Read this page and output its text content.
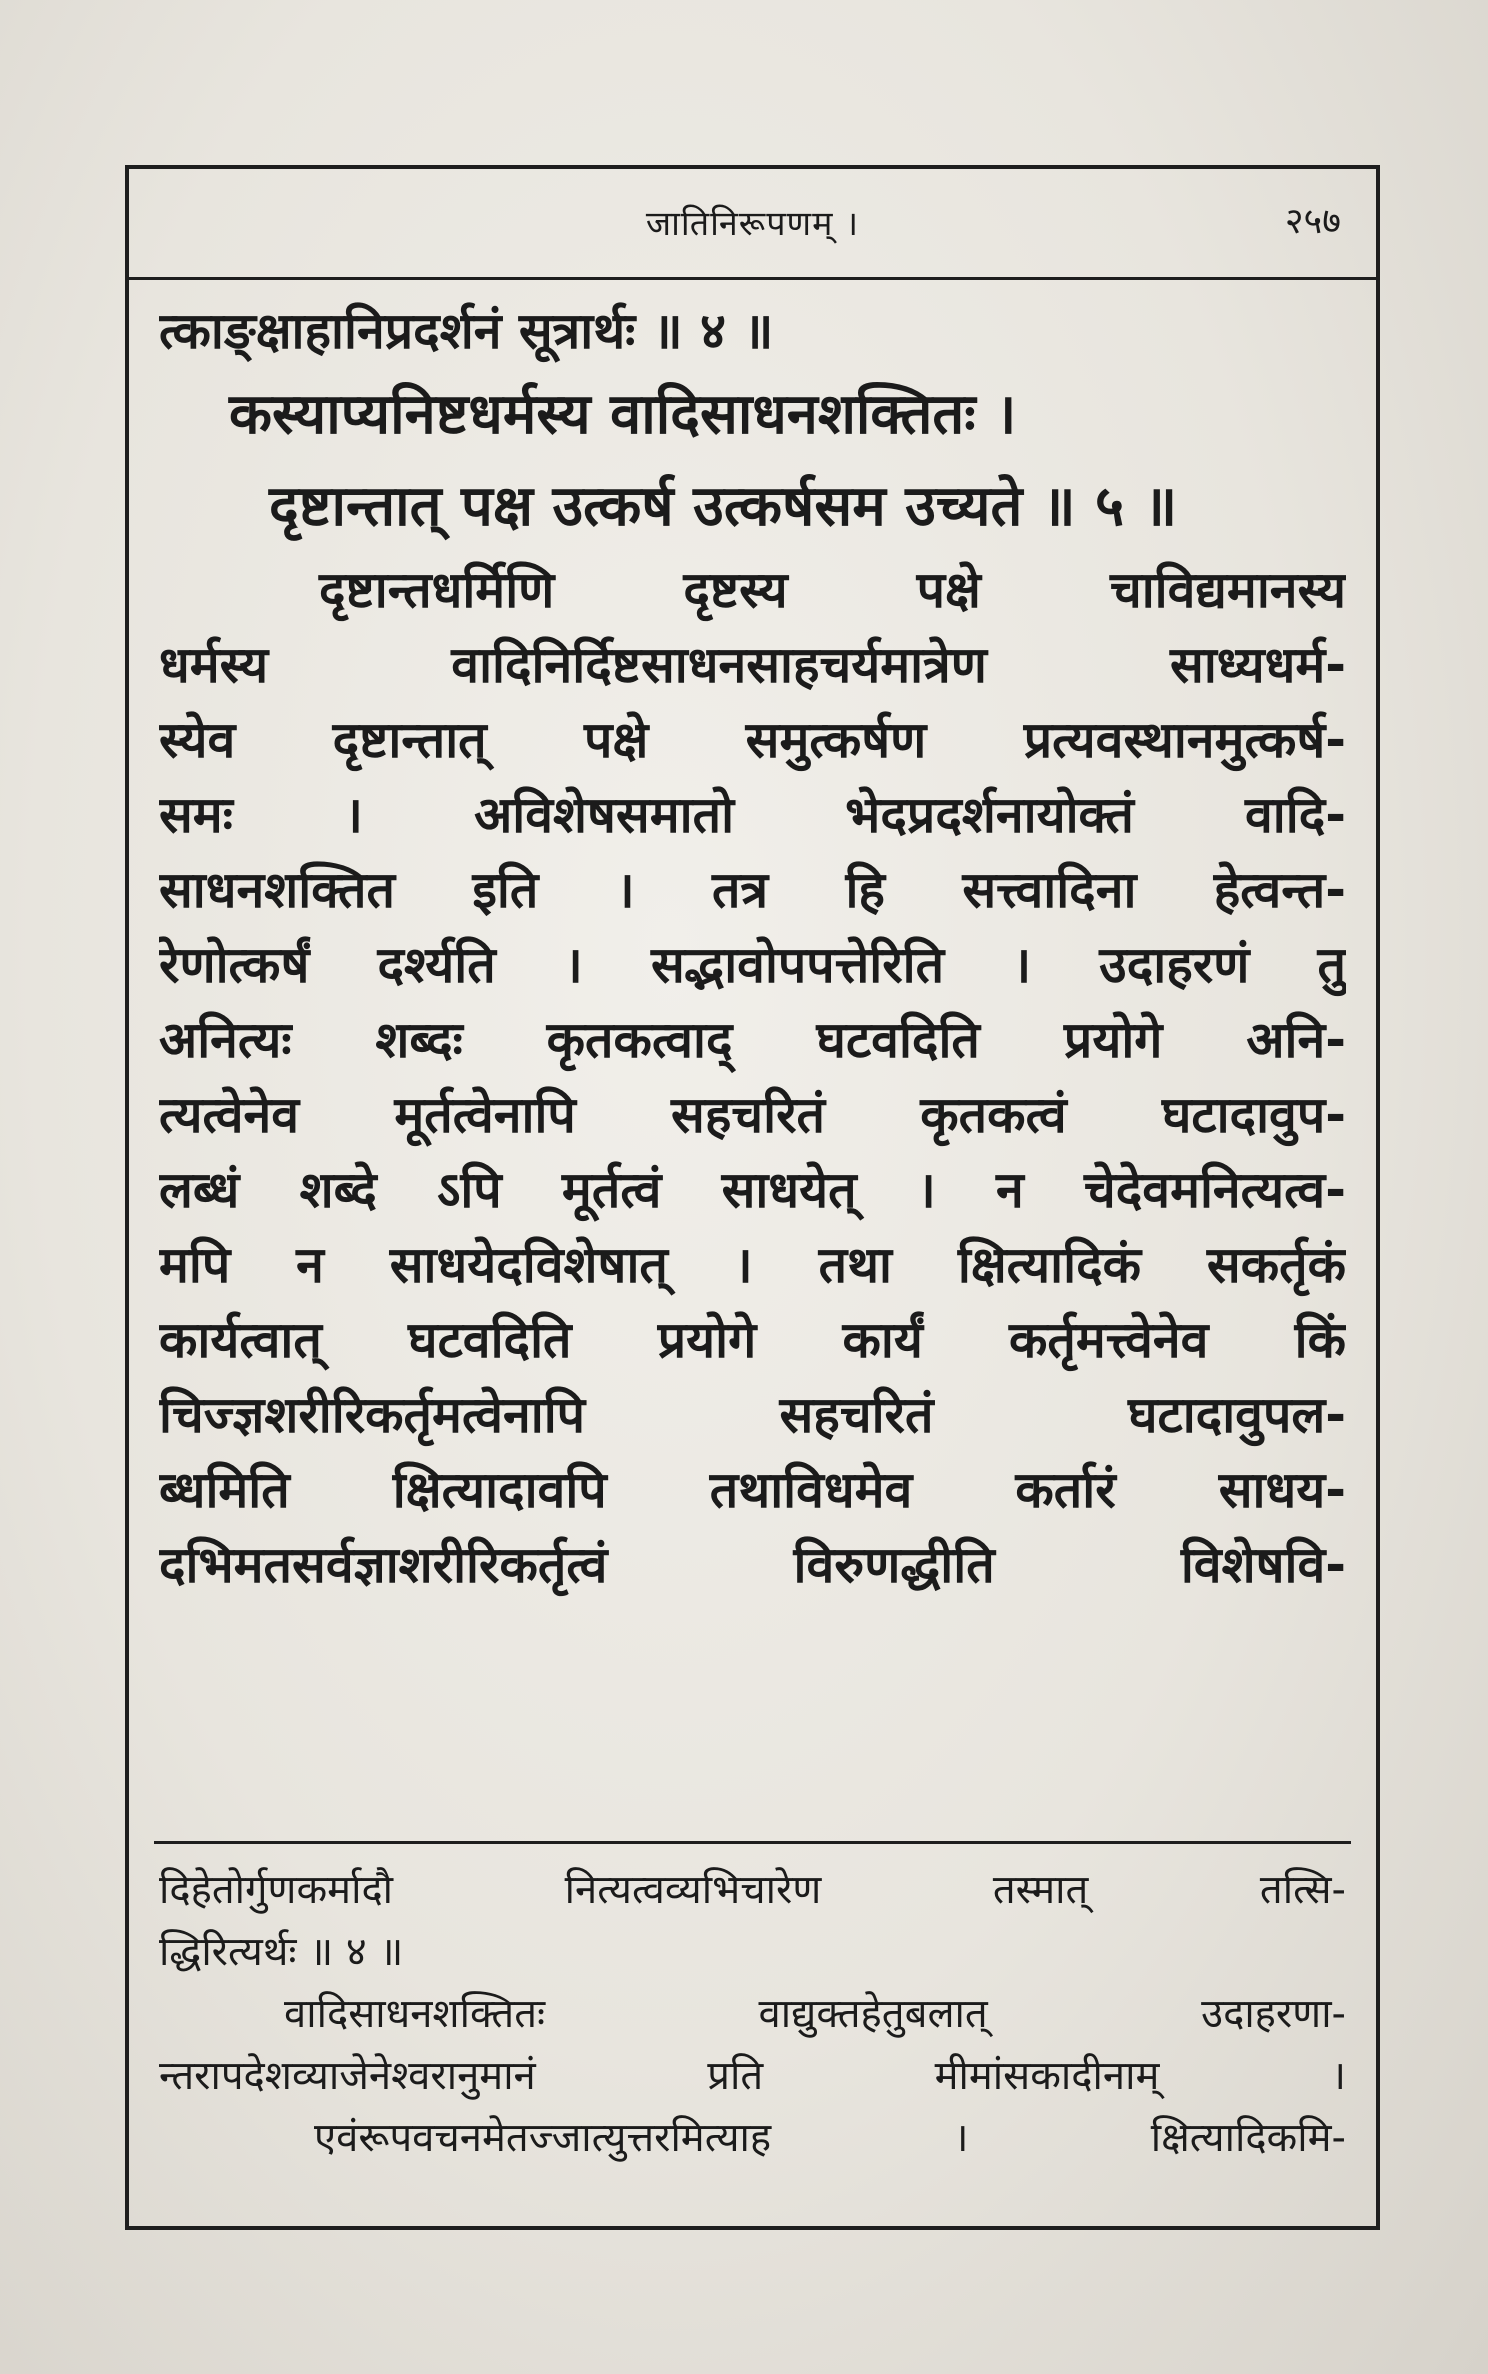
जातिनिरूपणम् ।	२५७
त्काङ्क्षाहानिप्रदर्शनं सूत्रार्थः ॥ ४ ॥
कस्याप्यनिष्टधर्मस्य वादिसाधनशक्तितः ।
दृष्टान्तात् पक्ष उत्कर्ष उत्कर्षसम उच्यते ॥ ५ ॥
दृष्टान्तधर्मिणि दृष्टस्य पक्षे चाविद्यमानस्य
धर्मस्य वादिनिर्दिष्टसाधनसाहचर्यमात्रेण साध्यधर्म-
स्येव दृष्टान्तात् पक्षे समुत्कर्षण प्रत्यवस्थानमुत्कर्ष-
समः । अविशेषसमातो भेदप्रदर्शनायोक्तं वादि-
साधनशक्तित इति । तत्र हि सत्त्वादिना हेत्वन्त-
रेणोत्कर्षं दर्श्यति । सद्भावोपपत्तेरिति । उदाहरणं तु
अनित्यः शब्दः कृतकत्वाद् घटवदिति प्रयोगे अनि-
त्यत्वेनेव मूर्तत्वेनापि सहचरितं कृतकत्वं घटादावुप-
लब्धं शब्दे ऽपि मूर्तत्वं साधयेत् । न चेदेवमनित्यत्व-
मपि न साधयेदविशेषात् । तथा क्षित्यादिकं सकर्तृकं
कार्यत्वात् घटवदिति प्रयोगे कार्यं कर्तृमत्त्वेनेव किं
चिज्ज्ञशरीरिकर्तृमत्वेनापि सहचरितं घटादावुपल-
ब्धमिति क्षित्यादावपि तथाविधमेव कर्तारं साधय-
दभिमतसर्वज्ञाशरीरिकर्तृत्वं विरुणद्धीति विशेषवि-
दिहेतोर्गुणकर्मादौ नित्यत्वव्यभिचारेण तस्मात् तत्सि-
द्धिरित्यर्थः ॥ ४ ॥
वादिसाधनशक्तितः वाद्युक्तहेतुबलात् उदाहरणा-
न्तरापदेशव्याजेनेश्वरानुमानं प्रति मीमांसकादीनाम् ।
एवंरूपवचनमेतज्जात्युत्तरमित्याह । क्षित्यादिकमि-
